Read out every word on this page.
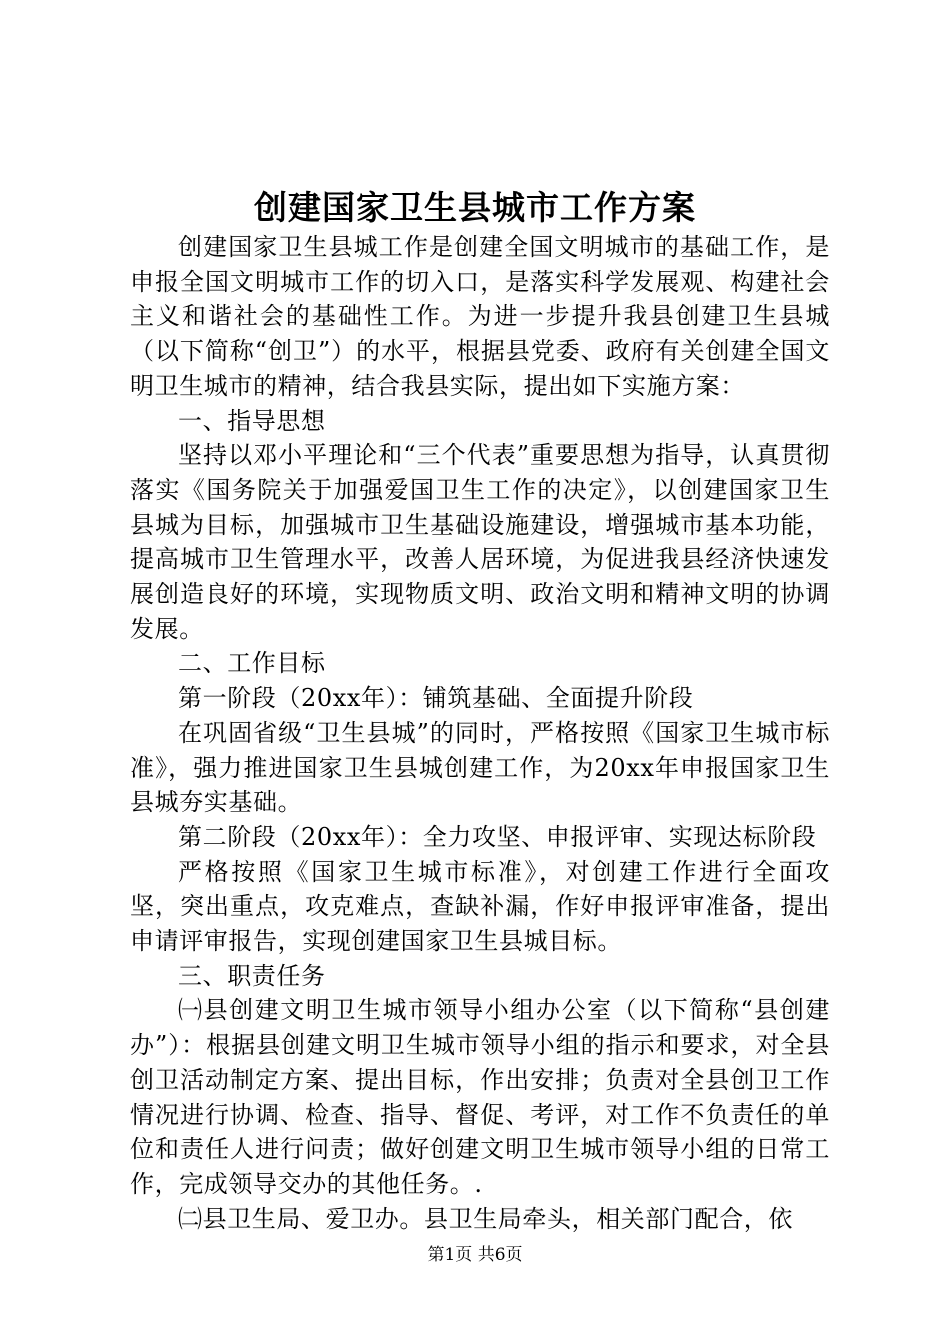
创建国家卫生县城市工作方案

创建国家卫生县城工作是创建全国文明城市的基础工作，是申报全国文明城市工作的切入口，是落实科学发展观、构建社会主义和谐社会的基础性工作。为进一步提升我县创建卫生县城（以下简称“创卫”）的水平，根据县党委、政府有关创建全国文明卫生城市的精神，结合我县实际，提出如下实施方案：

一、指导思想

坚持以邓小平理论和“三个代表”重要思想为指导，认真贯彻落实《国务院关于加强爱国卫生工作的决定》，以创建国家卫生县城为目标，加强城市卫生基础设施建设，增强城市基本功能，提高城市卫生管理水平，改善人居环境，为促进我县经济快速发展创造良好的环境，实现物质文明、政治文明和精神文明的协调发展。

二、工作目标

第一阶段（20xx年）：铺筑基础、全面提升阶段

在巩固省级“卫生县城”的同时，严格按照《国家卫生城市标准》，强力推进国家卫生县城创建工作，为20xx年申报国家卫生县城夯实基础。

第二阶段（20xx年）：全力攻坚、申报评审、实现达标阶段

严格按照《国家卫生城市标准》，对创建工作进行全面攻坚，突出重点，攻克难点，查缺补漏，作好申报评审准备，提出申请评审报告，实现创建国家卫生县城目标。

三、职责任务

㈠县创建文明卫生城市领导小组办公室（以下简称“县创建办”）：根据县创建文明卫生城市领导小组的指示和要求，对全县创卫活动制定方案、提出目标，作出安排；负责对全县创卫工作情况进行协调、检查、指导、督促、考评，对工作不负责任的单位和责任人进行问责；做好创建文明卫生城市领导小组的日常工作，完成领导交办的其他任务。.

㈡县卫生局、爱卫办。县卫生局牵头，相关部门配合，依

第1页 共6页
